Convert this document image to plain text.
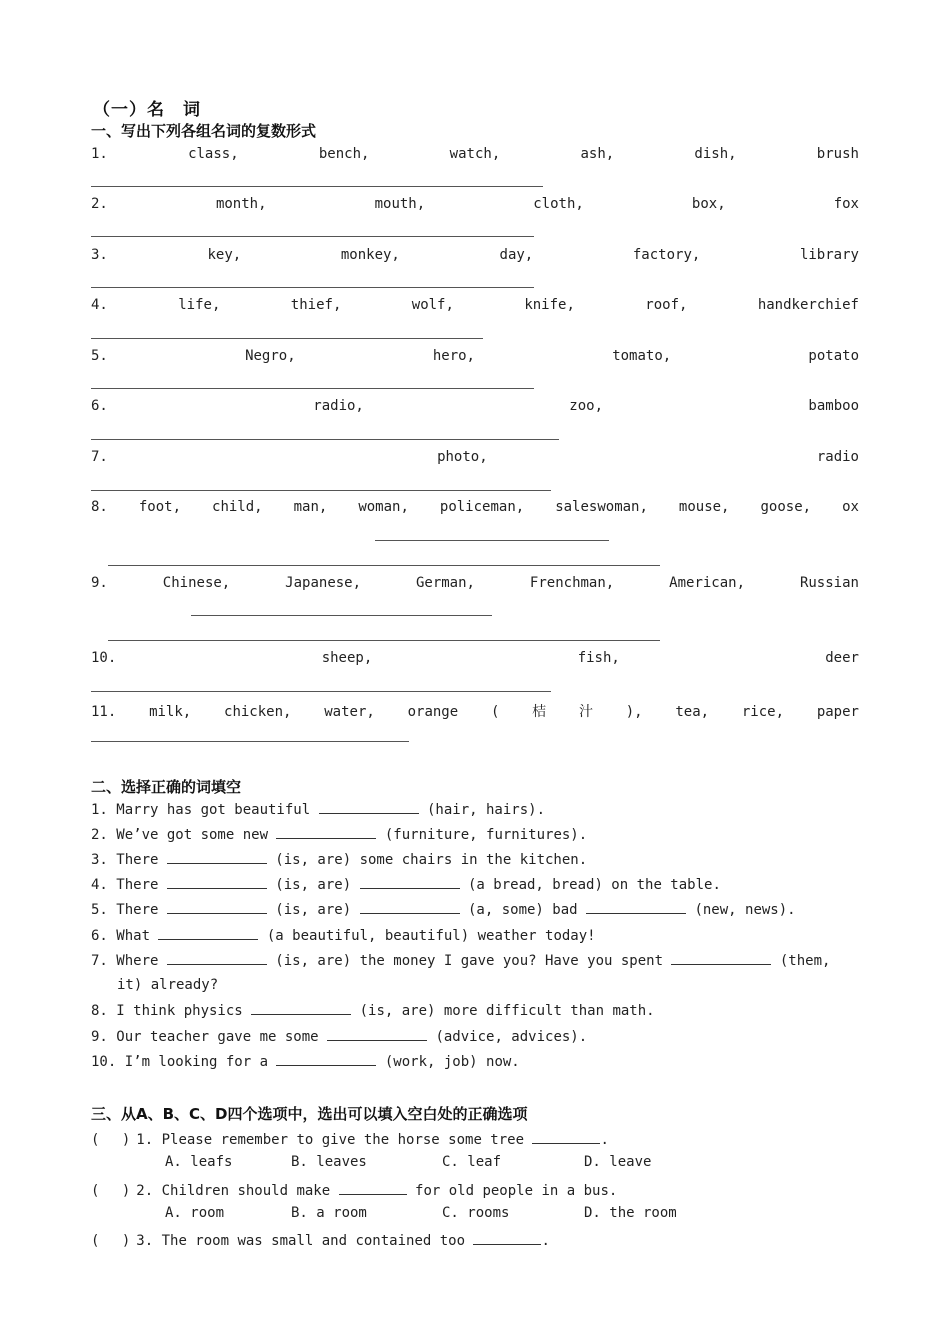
（一）名　词
一、写出下列各组名词的复数形式
1.	class,	bench,	watch,	ash,	dish,	brush
2.	month,	mouth,	cloth,	box,	fox
3.	key,	monkey,	day,	factory,	library
4.	life,	thief,	wolf,	knife,	roof,	handkerchief
5.	Negro,	hero,	tomato,	potato
6.	radio,	zoo,	bamboo
7.	photo,	radio
8. foot, child, man, woman, policeman, saleswoman, mouse, goose, ox
9.	Chinese,	Japanese,	German,	Frenchman,	American,	Russian
10.	sheep,	fish,	deer
11. milk, chicken, water, orange ( 桔 汁 ), tea, rice, paper
二、选择正确的词填空
1. Marry has got beautiful	(hair, hairs).
2. We’ve got some new	(furniture, furnitures).
3. There	(is, are) some chairs in the kitchen.
4. There	(is, are)	(a bread, bread) on the table.
5. There	(is, are)	(a, some) bad	(new, news).
6. What	(a beautiful, beautiful) weather today!
7. Where	(is, are) the money I gave you? Have you spent	(them,
it) already?
8. I think physics	(is, are) more difficult than math.
9. Our teacher gave me some	(advice, advices).
10. I’m looking for a	(work, job) now.
三、从A、B、C、D四个选项中，选出可以填入空白处的正确选项
(　 ) 1. Please remember to give the horse some tree	.
A. leafs	B. leaves	C. leaf	D. leave
(　 ) 2. Children should make	for old people in a bus.
A. room	B. a room	C. rooms	D. the room
(　 ) 3. The room was small and contained too	.
